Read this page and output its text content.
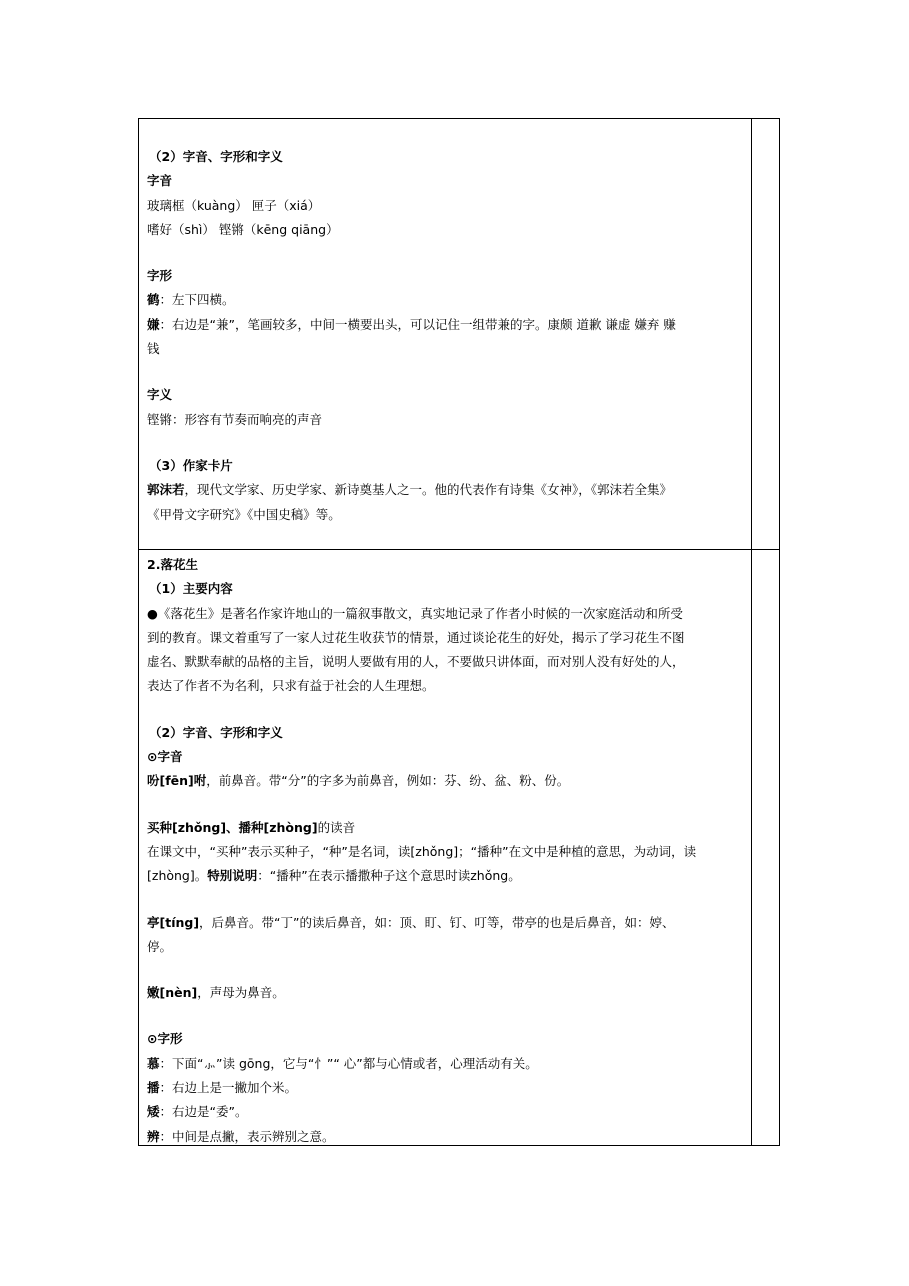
（2）字音、字形和字义
字音
玻璃框（kuàng） 匣子（xiá）
嗜好（shì） 铿锵（kēng qiāng）
字形
鹤：左下四横。
嫌：右边是“兼”，笔画较多，中间一横要出头，可以记住一组带兼的字。康颇 道歉 谦虚 嫌弃 赚
钱
字义
铿锵：形容有节奏而响亮的声音
（3）作家卡片
郭沫若，现代文学家、历史学家、新诗奠基人之一。他的代表作有诗集《女神》，《郭沫若全集》
《甲骨文字研究》《中国史稿》等。
2.落花生
（1）主要内容
●《落花生》是著名作家许地山的一篇叙事散文，真实地记录了作者小时候的一次家庭活动和所受
到的教育。课文着重写了一家人过花生收获节的情景，通过谈论花生的好处，揭示了学习花生不图
虚名、默默奉献的品格的主旨，说明人要做有用的人，不要做只讲体面，而对别人没有好处的人，
表达了作者不为名利，只求有益于社会的人生理想。
（2）字音、字形和字义
⊙字音
吩[fēn]咐，前鼻音。带“分”的字多为前鼻音，例如：芬、纷、盆、粉、份。
买种[zhǒng]、播种[zhòng]的读音
在课文中，“买种”表示买种子，“种”是名词，读[zhǒng]；“播种”在文中是种植的意思，为动词，读
[zhòng]。特别说明：“播种”在表示播撒种子这个意思时读zhǒng。
亭[tíng]，后鼻音。带“丁”的读后鼻音，如：顶、盯、钉、叮等，带亭的也是后鼻音，如：婷、
停。
嫩[nèn]，声母为鼻音。
⊙字形
慕：下面“⺗”读 gōng，它与“忄”“ 心”都与心情或者，心理活动有关。
播：右边上是一撇加个米。
矮：右边是“委”。
辨：中间是点撇，表示辨别之意。
